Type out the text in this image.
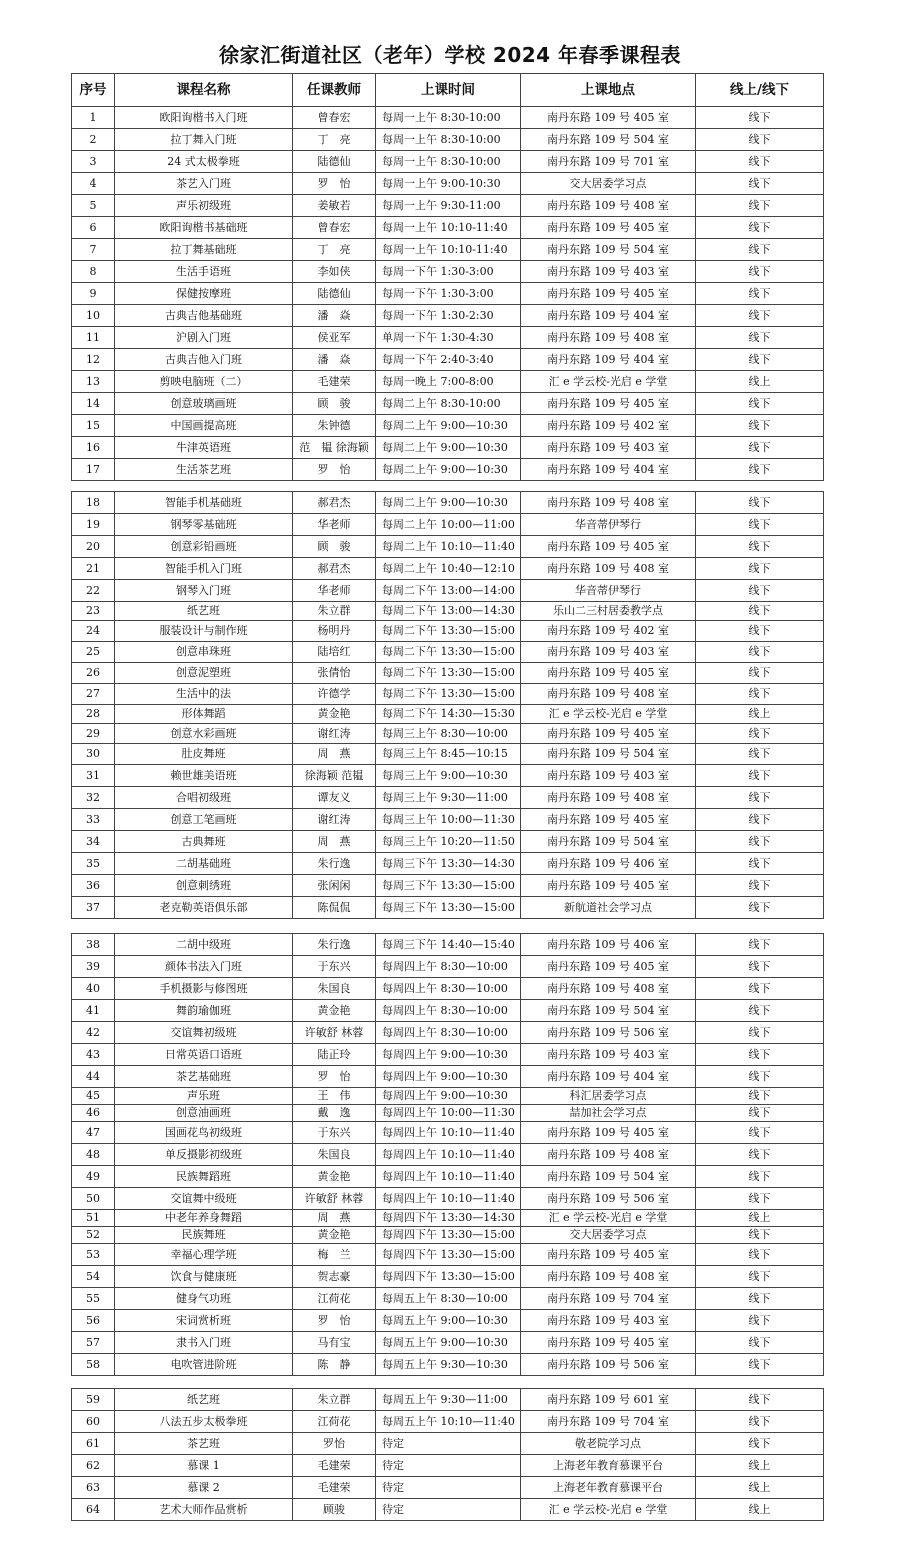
徐家汇街道社区（老年）学校 2024 年春季课程表
序号	课程名称	任课教师	上课时间	上课地点	线上/线下
1	欧阳询楷书入门班	曾春宏	每周一上午 8:30-10:00	南丹东路 109 号 405 室	线下
2	拉丁舞入门班	丁　亮	每周一上午 8:30-10:00	南丹东路 109 号 504 室	线下
3	24 式太极拳班	陆德仙	每周一上午 8:30-10:00	南丹东路 109 号 701 室	线下
4	茶艺入门班	罗　怡	每周一上午 9:00-10:30	交大居委学习点	线下
5	声乐初级班	姜敏若	每周一上午 9:30-11:00	南丹东路 109 号 408 室	线下
6	欧阳询楷书基础班	曾春宏	每周一上午 10:10-11:40	南丹东路 109 号 405 室	线下
7	拉丁舞基础班	丁　亮	每周一上午 10:10-11:40	南丹东路 109 号 504 室	线下
8	生活手语班	李如侠	每周一下午 1:30-3:00	南丹东路 109 号 403 室	线下
9	保健按摩班	陆德仙	每周一下午 1:30-3:00	南丹东路 109 号 405 室	线下
10	古典吉他基础班	潘　焱	每周一下午 1:30-2:30	南丹东路 109 号 404 室	线下
11	沪剧入门班	侯亚军	单周一下午 1:30-4:30	南丹东路 109 号 408 室	线下
12	古典吉他入门班	潘　焱	每周一下午 2:40-3:40	南丹东路 109 号 404 室	线下
13	剪映电脑班（二）	毛建荣	每周一晚上 7:00-8:00	汇 e 学云校-光启 e 学堂	线上
14	创意玻璃画班	顾　骏	每周二上午 8:30-10:00	南丹东路 109 号 405 室	线下
15	中国画提高班	朱钟德	每周二上午 9:00—10:30	南丹东路 109 号 402 室	线下
16	牛津英语班	范　韫 徐海颖	每周二上午 9:00—10:30	南丹东路 109 号 403 室	线下
17	生活茶艺班	罗　怡	每周二上午 9:00—10:30	南丹东路 109 号 404 室	线下
18	智能手机基础班	郝君杰	每周二上午 9:00—10:30	南丹东路 109 号 408 室	线下
19	钢琴零基础班	华老师	每周二上午 10:00—11:00	华音蒂伊琴行	线下
20	创意彩铅画班	顾　骏	每周二上午 10:10—11:40	南丹东路 109 号 405 室	线下
21	智能手机入门班	郝君杰	每周二上午 10:40—12:10	南丹东路 109 号 408 室	线下
22	钢琴入门班	华老师	每周二下午 13:00—14:00	华音蒂伊琴行	线下
23	纸艺班	朱立群	每周二下午 13:00—14:30	乐山二三村居委教学点	线下
24	服装设计与制作班	杨明丹	每周二下午 13:30—15:00	南丹东路 109 号 402 室	线下
25	创意串珠班	陆培红	每周二下午 13:30—15:00	南丹东路 109 号 403 室	线下
26	创意泥塑班	张倩怡	每周二下午 13:30—15:00	南丹东路 109 号 405 室	线下
27	生活中的法	许德学	每周二下午 13:30—15:00	南丹东路 109 号 408 室	线下
28	形体舞蹈	黄金艳	每周二下午 14:30—15:30	汇 e 学云校-光启 e 学堂	线上
29	创意水彩画班	谢红涛	每周三上午 8:30—10:00	南丹东路 109 号 405 室	线下
30	肚皮舞班	周　燕	每周三上午 8:45—10:15	南丹东路 109 号 504 室	线下
31	赖世雄美语班	徐海颖 范韫	每周三上午 9:00—10:30	南丹东路 109 号 403 室	线下
32	合唱初级班	谭友义	每周三上午 9:30—11:00	南丹东路 109 号 408 室	线下
33	创意工笔画班	谢红涛	每周三上午 10:00—11:30	南丹东路 109 号 405 室	线下
34	古典舞班	周　燕	每周三上午 10:20—11:50	南丹东路 109 号 504 室	线下
35	二胡基础班	朱行逸	每周三下午 13:30—14:30	南丹东路 109 号 406 室	线下
36	创意刺绣班	张闲闲	每周三下午 13:30—15:00	南丹东路 109 号 405 室	线下
37	老克勒英语俱乐部	陈侃侃	每周三下午 13:30—15:00	新航道社会学习点	线下
38	二胡中级班	朱行逸	每周三下午 14:40—15:40	南丹东路 109 号 406 室	线下
39	颜体书法入门班	于东兴	每周四上午 8:30—10:00	南丹东路 109 号 405 室	线下
40	手机摄影与修图班	朱国良	每周四上午 8:30—10:00	南丹东路 109 号 408 室	线下
41	舞韵瑜伽班	黄金艳	每周四上午 8:30—10:00	南丹东路 109 号 504 室	线下
42	交谊舞初级班	许敏舒 林蓉	每周四上午 8:30—10:00	南丹东路 109 号 506 室	线下
43	日常英语口语班	陆正玲	每周四上午 9:00—10:30	南丹东路 109 号 403 室	线下
44	茶艺基础班	罗　怡	每周四上午 9:00—10:30	南丹东路 109 号 404 室	线下
45	声乐班	王　伟	每周四上午 9:00—10:30	科汇居委学习点	线下
46	创意油画班	戴　逸	每周四上午 10:00—11:30	喆加社会学习点	线下
47	国画花鸟初级班	于东兴	每周四上午 10:10—11:40	南丹东路 109 号 405 室	线下
48	单反摄影初级班	朱国良	每周四上午 10:10—11:40	南丹东路 109 号 408 室	线下
49	民族舞蹈班	黄金艳	每周四上午 10:10—11:40	南丹东路 109 号 504 室	线下
50	交谊舞中级班	许敏舒 林蓉	每周四上午 10:10—11:40	南丹东路 109 号 506 室	线下
51	中老年养身舞蹈	周　燕	每周四下午 13:30—14:30	汇 e 学云校-光启 e 学堂	线上
52	民族舞班	黄金艳	每周四下午 13:30—15:00	交大居委学习点	线下
53	幸福心理学班	梅　兰	每周四下午 13:30—15:00	南丹东路 109 号 405 室	线下
54	饮食与健康班	贺志豪	每周四下午 13:30—15:00	南丹东路 109 号 408 室	线下
55	健身气功班	江荷花	每周五上午 8:30—10:00	南丹东路 109 号 704 室	线下
56	宋词赏析班	罗　怡	每周五上午 9:00—10:30	南丹东路 109 号 403 室	线下
57	隶书入门班	马有宝	每周五上午 9:00—10:30	南丹东路 109 号 405 室	线下
58	电吹管进阶班	陈　静	每周五上午 9:30—10:30	南丹东路 109 号 506 室	线下
59	纸艺班	朱立群	每周五上午 9:30—11:00	南丹东路 109 号 601 室	线下
60	八法五步太极拳班	江荷花	每周五上午 10:10—11:40	南丹东路 109 号 704 室	线下
61	茶艺班	罗怡	待定	敬老院学习点	线下
62	慕课 1	毛建荣	待定	上海老年教育慕课平台	线上
63	慕课 2	毛建荣	待定	上海老年教育慕课平台	线上
64	艺术大师作品赏析	顾骏	待定	汇 e 学云校-光启 e 学堂	线上
